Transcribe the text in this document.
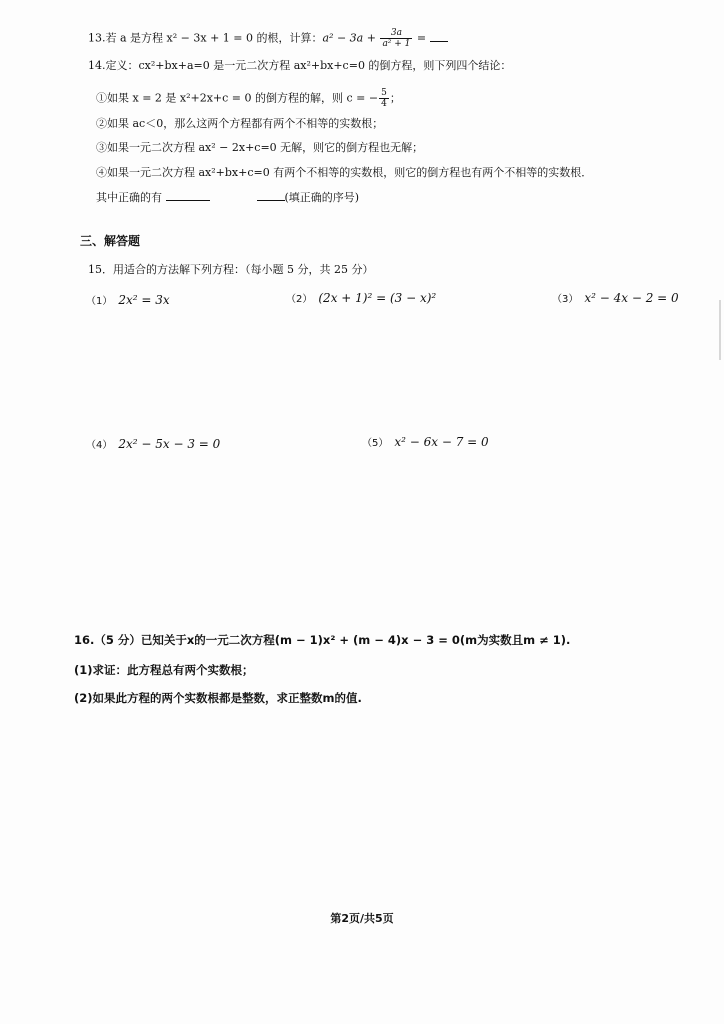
13.若 a 是方程 x² − 3x + 1 = 0 的根，计算：$a^2 - 3a + \frac{3a}{\text{a² + 1}}$ =
14.定义：cx²+bx+a=0 是一元二次方程 ax²+bx+c=0 的倒方程，则下列四个结论：
①如果 x = 2 是 x²+2x+c = 0 的倒方程的解，则 c = − $\frac{5}{4}$ ；
②如果 ac＜0，那么这两个方程都有两个不相等的实数根；
③如果一元二次方程 ax² − 2x+c=0 无解，则它的倒方程也无解；
④如果一元二次方程 ax²+bx+c=0 有两个不相等的实数根，则它的倒方程也有两个不相等的实数根．
其中正确的有	(填正确的序号)
三、解答题
15．用适合的方法解下列方程：（每小题 5 分，共 25 分）
（1） 2x² = 3x	（2） (2x + 1)² = (3 − x)²	（3） x² − 4x − 2 = 0
（4） 2x² − 5x − 3 = 0	（5） x² − 6x − 7 = 0
16.（5 分）已知关于x的一元二次方程(m − 1)x² + (m − 4)x − 3 = 0(m为实数且m ≠ 1).
(1)求证：此方程总有两个实数根；
(2)如果此方程的两个实数根都是整数，求正整数m的值.
第2页/共5页
